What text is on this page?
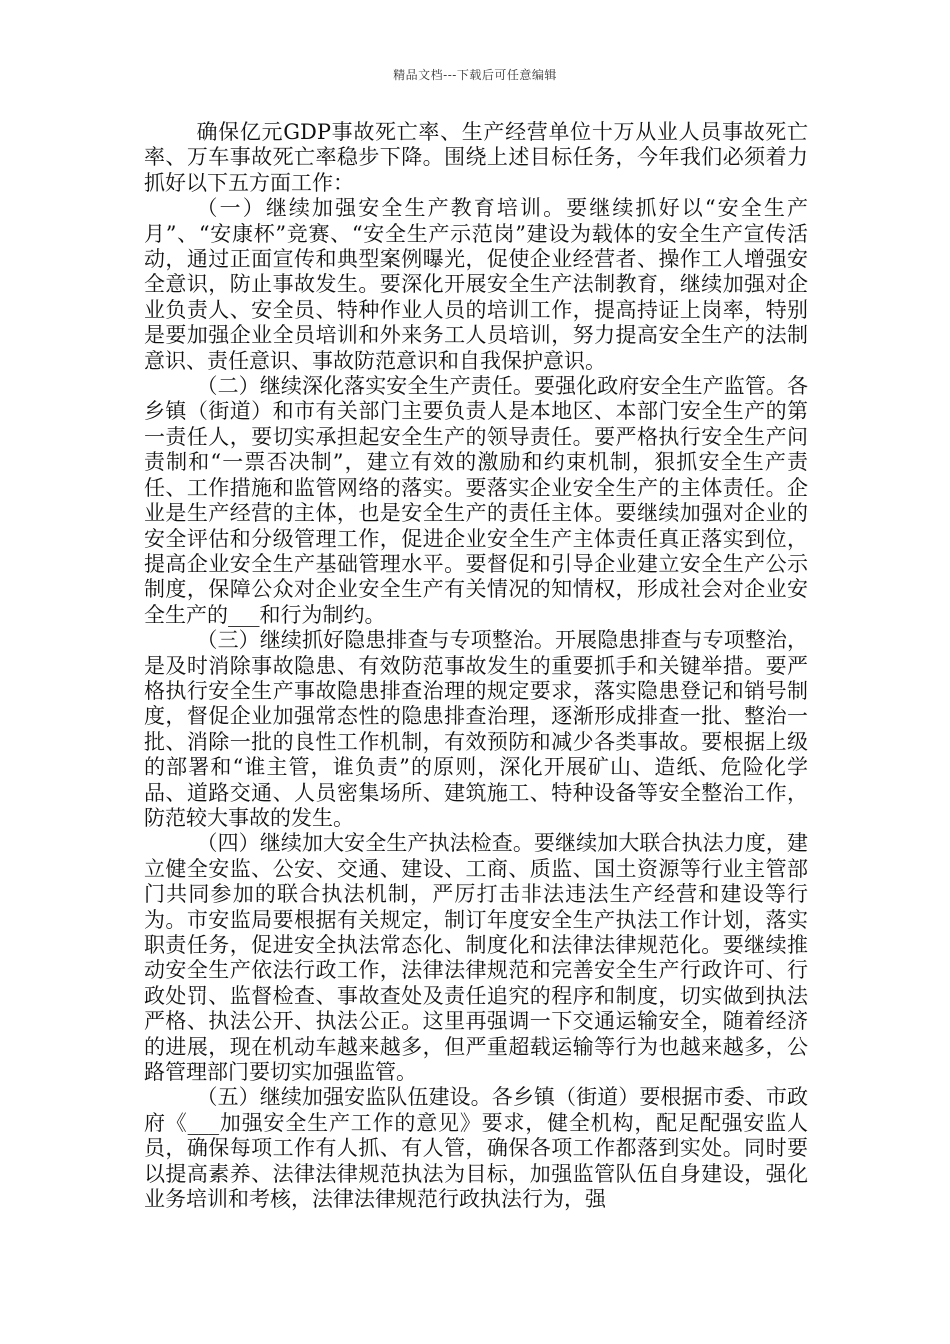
精品文档---下载后可任意编辑

确保亿元GDP事故死亡率、生产经营单位十万从业人员事故死亡率、万车事故死亡率稳步下降。围绕上述目标任务，今年我们必须着力抓好以下五方面工作：

（一）继续加强安全生产教育培训。要继续抓好以“安全生产月”、“安康杯”竞赛、“安全生产示范岗”建设为载体的安全生产宣传活动，通过正面宣传和典型案例曝光，促使企业经营者、操作工人增强安全意识，防止事故发生。要深化开展安全生产法制教育，继续加强对企业负责人、安全员、特种作业人员的培训工作，提高持证上岗率，特别是要加强企业全员培训和外来务工人员培训，努力提高安全生产的法制意识、责任意识、事故防范意识和自我保护意识。

（二）继续深化落实安全生产责任。要强化政府安全生产监管。各乡镇（街道）和市有关部门主要负责人是本地区、本部门安全生产的第一责任人，要切实承担起安全生产的领导责任。要严格执行安全生产问责制和“一票否决制”，建立有效的激励和约束机制，狠抓安全生产责任、工作措施和监管网络的落实。要落实企业安全生产的主体责任。企业是生产经营的主体，也是安全生产的责任主体。要继续加强对企业的安全评估和分级管理工作，促进企业安全生产主体责任真正落实到位，提高企业安全生产基础管理水平。要督促和引导企业建立安全生产公示制度，保障公众对企业安全生产有关情况的知情权，形成社会对企业安全生产的___和行为制约。

（三）继续抓好隐患排查与专项整治。开展隐患排查与专项整治，是及时消除事故隐患、有效防范事故发生的重要抓手和关键举措。要严格执行安全生产事故隐患排查治理的规定要求，落实隐患登记和销号制度，督促企业加强常态性的隐患排查治理，逐渐形成排查一批、整治一批、消除一批的良性工作机制，有效预防和减少各类事故。要根据上级的部署和“谁主管，谁负责”的原则，深化开展矿山、造纸、危险化学品、道路交通、人员密集场所、建筑施工、特种设备等安全整治工作，防范较大事故的发生。

（四）继续加大安全生产执法检查。要继续加大联合执法力度，建立健全安监、公安、交通、建设、工商、质监、国土资源等行业主管部门共同参加的联合执法机制，严厉打击非法违法生产经营和建设等行为。市安监局要根据有关规定，制订年度安全生产执法工作计划，落实职责任务，促进安全执法常态化、制度化和法律法律规范化。要继续推动安全生产依法行政工作，法律法律规范和完善安全生产行政许可、行政处罚、监督检查、事故查处及责任追究的程序和制度，切实做到执法严格、执法公开、执法公正。这里再强调一下交通运输安全，随着经济的进展，现在机动车越来越多，但严重超载运输等行为也越来越多，公路管理部门要切实加强监管。

（五）继续加强安监队伍建设。各乡镇（街道）要根据市委、市政府《___加强安全生产工作的意见》要求，健全机构，配足配强安监人员，确保每项工作有人抓、有人管，确保各项工作都落到实处。同时要以提高素养、法律法律规范执法为目标，加强监管队伍自身建设，强化业务培训和考核，法律法律规范行政执法行为，强
